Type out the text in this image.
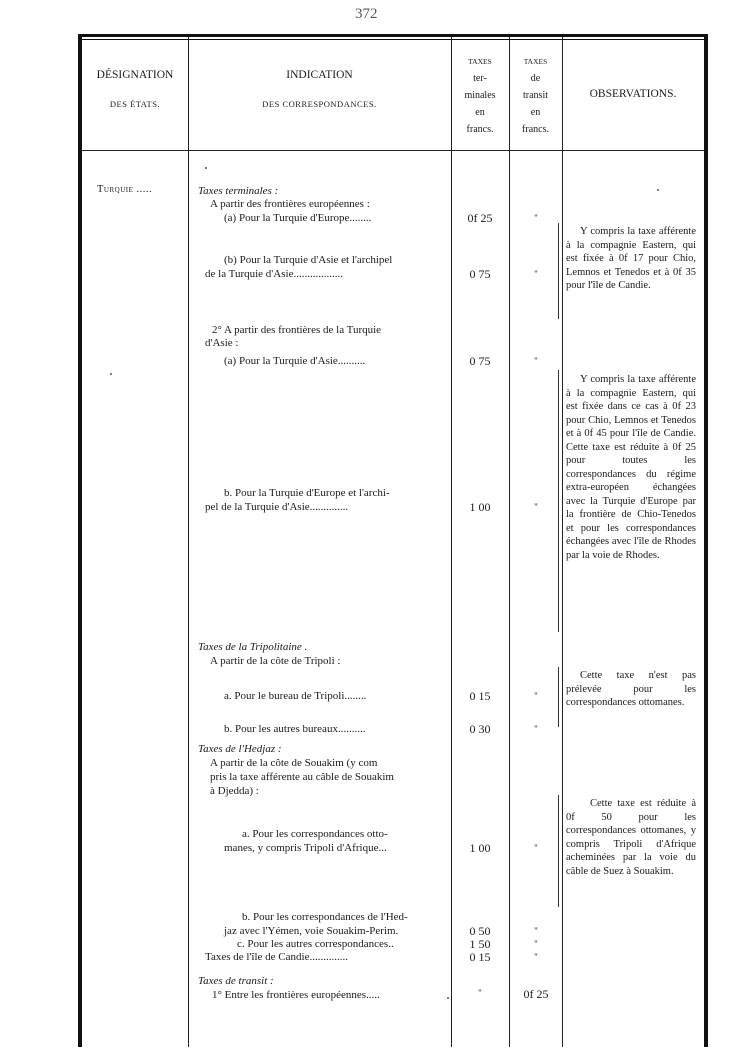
372
DÉSIGNATION
DES ÉTATS.
INDICATION
DES CORRESPONDANCES.
TAXES
ter-
minales
en
francs.
TAXES
de
transit
en
francs.
OBSERVATIONS.
Turquie .....	Taxes terminales :
A partir des frontières européennes :
(a) Pour la Turquie d'Europe........
(b) Pour la Turquie d'Asie et l'archipel
de la Turquie d'Asie..................
2° A partir des frontières de la Turquie
d'Asie :
(a) Pour la Turquie d'Asie..........
b. Pour la Turquie d'Europe et l'archi-
pel de la Turquie d'Asie..............
Taxes de la Tripolitaine .
A partir de la côte de Tripoli :
a. Pour le bureau de Tripoli........
b. Pour les autres bureaux..........
Taxes de l'Hedjaz :
A partir de la côte de Souakim (y com
pris la taxe afférente au câble de Souakim
à Djedda) :
a. Pour les correspondances otto-
manes, y compris Tripoli d'Afrique...
b. Pour les correspondances de l'Hed-
jaz avec l'Yémen, voie Souakim-Perim.
c. Pour les autres correspondances..
Taxes de l'île de Candie..............
Taxes de transit :
1° Entre les frontières européennes.....
0f 25
0 75
0 75
1 00
0 15
0 30
1 00
0 50
1 50
0 15
"
"
"
"
"
"
"
"
"
"
"
0f 25
Y compris la taxe afférente à la compagnie Eastern, qui est fixée à 0f 17 pour Chio, Lemnos et Tenedos et à 0f 35 pour l'île de Candie.
Y compris la taxe afférente à la compagnie Eastern, qui est fixée dans ce cas à 0f 23 pour Chio, Lemnos et Tenedos et à 0f 45 pour l'île de Candie. Cette taxe est réduite à 0f 25 pour toutes les correspondances du régime extra-européen échangées avec la Turquie d'Europe par la frontière de Chio-Tenedos et pour les correspondances échangées avec l'île de Rhodes par la voie de Rhodes.
Cette taxe n'est pas prélevée pour les correspondances ottomanes.
Cette taxe est réduite à 0f 50 pour les correspondances ottomanes, y compris Tripoli d'Afrique acheminées par la voie du câble de Suez à Souakim.
